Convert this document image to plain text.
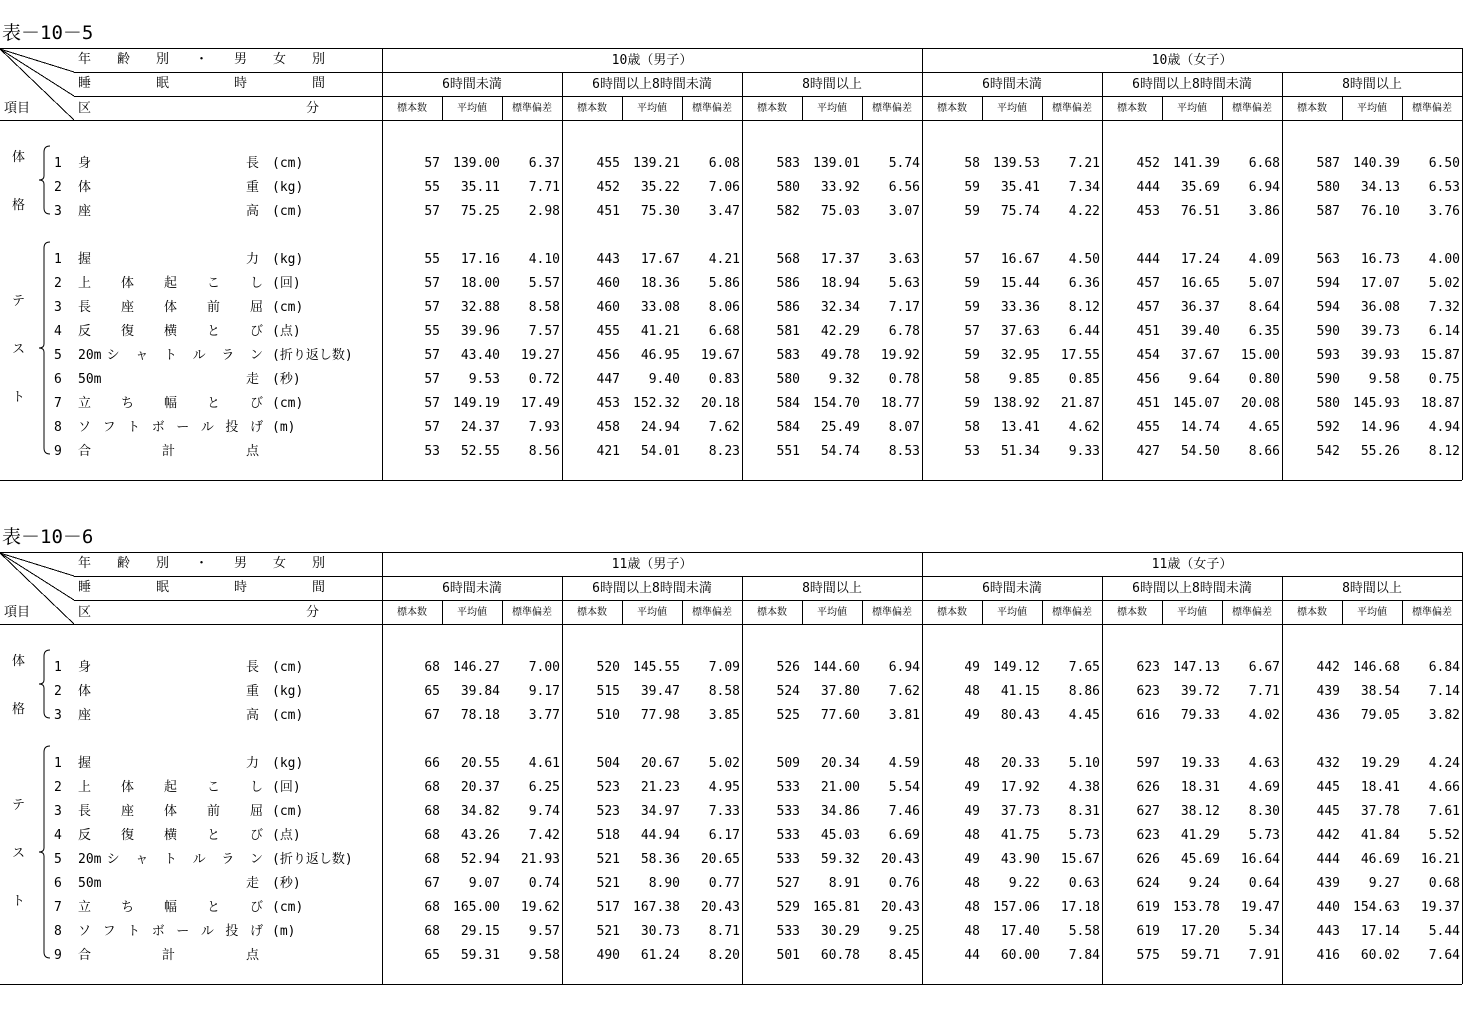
表－10－5
年 齢 別 ・ 男 女 別
睡	眠	時	間
項目	区	分
10歳（男子）	10歳（女子）
6時間未満	6時間以上8時間未満	8時間以上	6時間未満	6時間以上8時間未満	8時間以上
標本数	平均値	標準偏差	標本数	平均値	標準偏差	標本数	平均値	標準偏差	標本数	平均値	標準偏差	標本数	平均値	標準偏差	標本数	平均値	標準偏差
体
格
テ
ス
ト
1 身	長 (cm)	57	139.00	6.37	455	139.21	6.08	583	139.01	5.74	58	139.53	7.21	452	141.39	6.68	587	140.39	6.50
2 体	重 (kg)	55	35.11	7.71	452	35.22	7.06	580	33.92	6.56	59	35.41	7.34	444	35.69	6.94	580	34.13	6.53
3 座	高 (cm)	57	75.25	2.98	451	75.30	3.47	582	75.03	3.07	59	75.74	4.22	453	76.51	3.86	587	76.10	3.76
1 握	力 (kg)	55	17.16	4.10	443	17.67	4.21	568	17.37	3.63	57	16.67	4.50	444	17.24	4.09	563	16.73	4.00
2 上 体 起 こ し (回)	57	18.00	5.57	460	18.36	5.86	586	18.94	5.63	59	15.44	6.36	457	16.65	5.07	594	17.07	5.02
3 長 座 体 前 屈 (cm)	57	32.88	8.58	460	33.08	8.06	586	32.34	7.17	59	33.36	8.12	457	36.37	8.64	594	36.08	7.32
4 反 復 横 と び (点)	55	39.96	7.57	455	41.21	6.68	581	42.29	6.78	57	37.63	6.44	451	39.40	6.35	590	39.73	6.14
5 20m シ ャ ト ル ラ ン (折り返し数)	57	43.40	19.27	456	46.95	19.67	583	49.78	19.92	59	32.95	17.55	454	37.67	15.00	593	39.93	15.87
6 50m	走 (秒)	57	9.53	0.72	447	9.40	0.83	580	9.32	0.78	58	9.85	0.85	456	9.64	0.80	590	9.58	0.75
7 立 ち 幅 と び (cm)	57	149.19	17.49	453	152.32	20.18	584	154.70	18.77	59	138.92	21.87	451	145.07	20.08	580	145.93	18.87
8 ソ フ ト ボ ー ル 投 げ (m)	57	24.37	7.93	458	24.94	7.62	584	25.49	8.07	58	13.41	4.62	455	14.74	4.65	592	14.96	4.94
9 合	計	点	53	52.55	8.56	421	54.01	8.23	551	54.74	8.53	53	51.34	9.33	427	54.50	8.66	542	55.26	8.12
表－10－6
年 齢 別 ・ 男 女 別
睡	眠	時	間
項目	区	分
11歳（男子）	11歳（女子）
6時間未満	6時間以上8時間未満	8時間以上	6時間未満	6時間以上8時間未満	8時間以上
標本数	平均値	標準偏差	標本数	平均値	標準偏差	標本数	平均値	標準偏差	標本数	平均値	標準偏差	標本数	平均値	標準偏差	標本数	平均値	標準偏差
体
格
テ
ス
ト
1 身	長 (cm)	68	146.27	7.00	520	145.55	7.09	526	144.60	6.94	49	149.12	7.65	623	147.13	6.67	442	146.68	6.84
2 体	重 (kg)	65	39.84	9.17	515	39.47	8.58	524	37.80	7.62	48	41.15	8.86	623	39.72	7.71	439	38.54	7.14
3 座	高 (cm)	67	78.18	3.77	510	77.98	3.85	525	77.60	3.81	49	80.43	4.45	616	79.33	4.02	436	79.05	3.82
1 握	力 (kg)	66	20.55	4.61	504	20.67	5.02	509	20.34	4.59	48	20.33	5.10	597	19.33	4.63	432	19.29	4.24
2 上 体 起 こ し (回)	68	20.37	6.25	523	21.23	4.95	533	21.00	5.54	49	17.92	4.38	626	18.31	4.69	445	18.41	4.66
3 長 座 体 前 屈 (cm)	68	34.82	9.74	523	34.97	7.33	533	34.86	7.46	49	37.73	8.31	627	38.12	8.30	445	37.78	7.61
4 反 復 横 と び (点)	68	43.26	7.42	518	44.94	6.17	533	45.03	6.69	48	41.75	5.73	623	41.29	5.73	442	41.84	5.52
5 20m シ ャ ト ル ラ ン (折り返し数)	68	52.94	21.93	521	58.36	20.65	533	59.32	20.43	49	43.90	15.67	626	45.69	16.64	444	46.69	16.21
6 50m	走 (秒)	67	9.07	0.74	521	8.90	0.77	527	8.91	0.76	48	9.22	0.63	624	9.24	0.64	439	9.27	0.68
7 立 ち 幅 と び (cm)	68	165.00	19.62	517	167.38	20.43	529	165.81	20.43	48	157.06	17.18	619	153.78	19.47	440	154.63	19.37
8 ソ フ ト ボ ー ル 投 げ (m)	68	29.15	9.57	521	30.73	8.71	533	30.29	9.25	48	17.40	5.58	619	17.20	5.34	443	17.14	5.44
9 合	計	点	65	59.31	9.58	490	61.24	8.20	501	60.78	8.45	44	60.00	7.84	575	59.71	7.91	416	60.02	7.64
